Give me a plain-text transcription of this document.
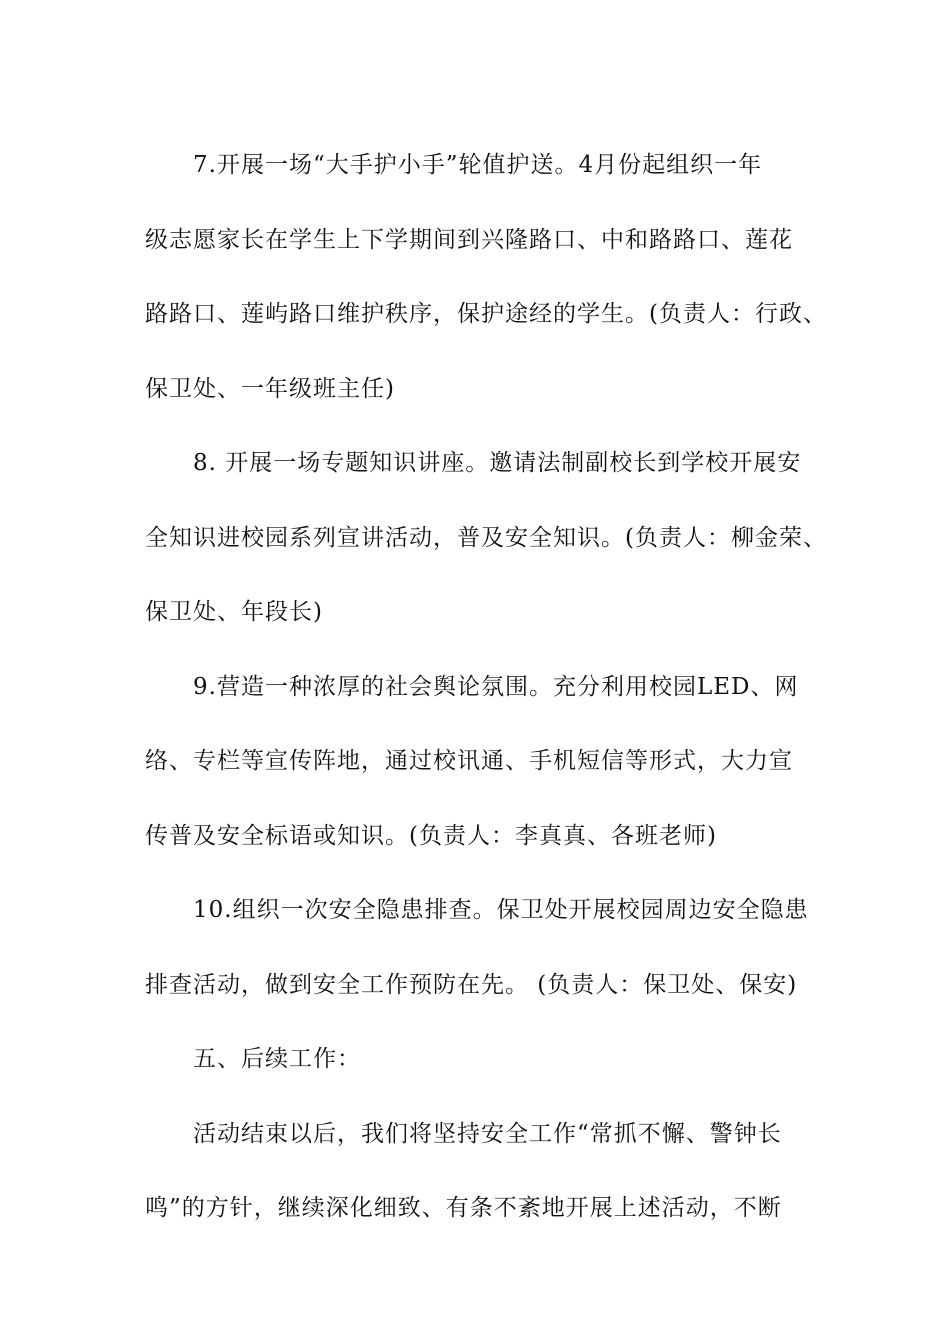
7.开展一场“大手护小手”轮值护送。4月份起组织一年
级志愿家长在学生上下学期间到兴隆路口、中和路路口、莲花
路路口、莲屿路口维护秩序，保护途经的学生。(负责人：行政、
保卫处、一年级班主任)
8. 开展一场专题知识讲座。邀请法制副校长到学校开展安
全知识进校园系列宣讲活动，普及安全知识。(负责人：柳金荣、
保卫处、年段长)
9.营造一种浓厚的社会舆论氛围。充分利用校园LED、网
络、专栏等宣传阵地，通过校讯通、手机短信等形式，大力宣
传普及安全标语或知识。(负责人：李真真、各班老师)
10.组织一次安全隐患排查。保卫处开展校园周边安全隐患
排查活动，做到安全工作预防在先。 (负责人：保卫处、保安)
五、后续工作：
活动结束以后，我们将坚持安全工作“常抓不懈、警钟长
鸣”的方针，继续深化细致、有条不紊地开展上述活动，不断
